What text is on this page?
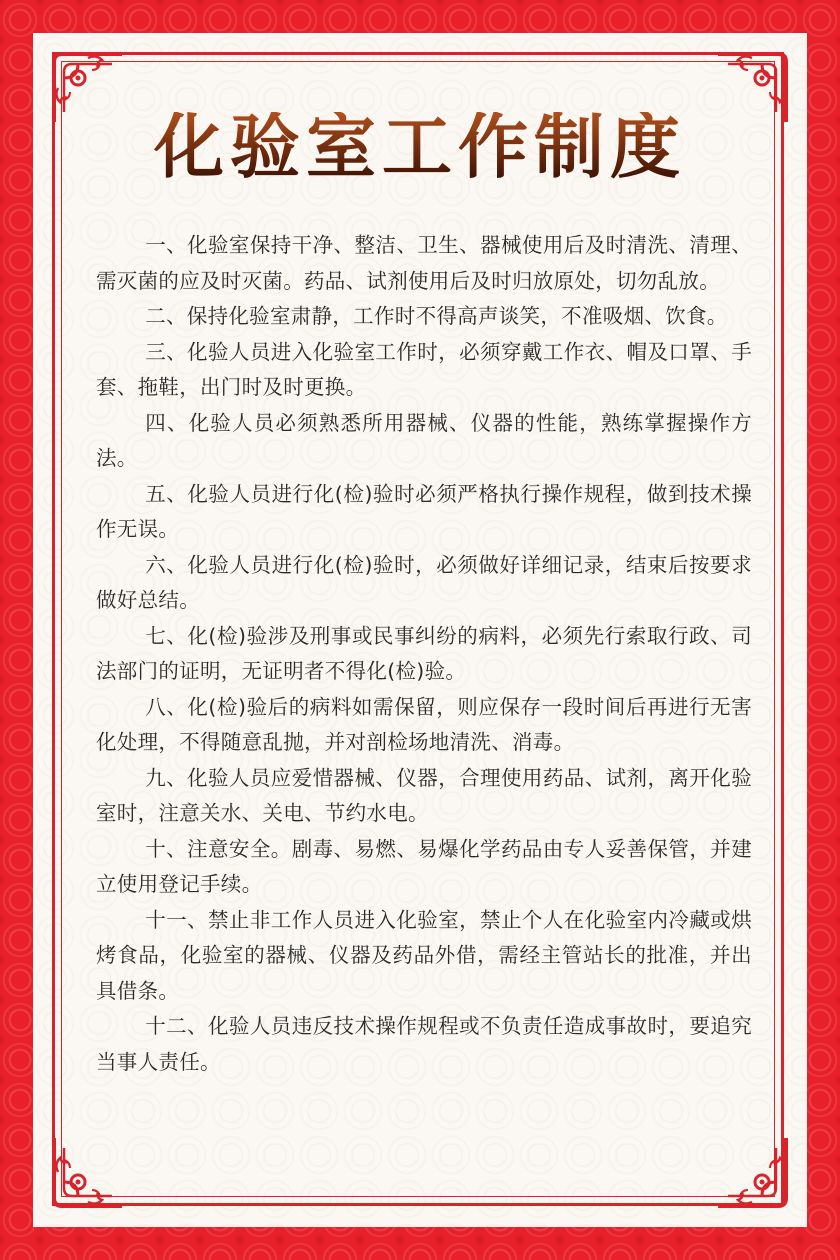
化验室工作制度

一、化验室保持干净、整洁、卫生、器械使用后及时清洗、清理、需灭菌的应及时灭菌。药品、试剂使用后及时归放原处，切勿乱放。

二、保持化验室肃静，工作时不得高声谈笑，不准吸烟、饮食。

三、化验人员进入化验室工作时，必须穿戴工作衣、帽及口罩、手套、拖鞋，出门时及时更换。

四、化验人员必须熟悉所用器械、仪器的性能，熟练掌握操作方法。

五、化验人员进行化(检)验时必须严格执行操作规程，做到技术操作无误。

六、化验人员进行化(检)验时，必须做好详细记录，结束后按要求做好总结。

七、化(检)验涉及刑事或民事纠纷的病料，必须先行索取行政、司法部门的证明，无证明者不得化(检)验。

八、化(检)验后的病料如需保留，则应保存一段时间后再进行无害化处理，不得随意乱抛，并对剖检场地清洗、消毒。

九、化验人员应爱惜器械、仪器，合理使用药品、试剂，离开化验室时，注意关水、关电、节约水电。

十、注意安全。剧毒、易燃、易爆化学药品由专人妥善保管，并建立使用登记手续。

十一、禁止非工作人员进入化验室，禁止个人在化验室内冷藏或烘烤食品，化验室的器械、仪器及药品外借，需经主管站长的批准，并出具借条。

十二、化验人员违反技术操作规程或不负责任造成事故时，要追究当事人责任。
